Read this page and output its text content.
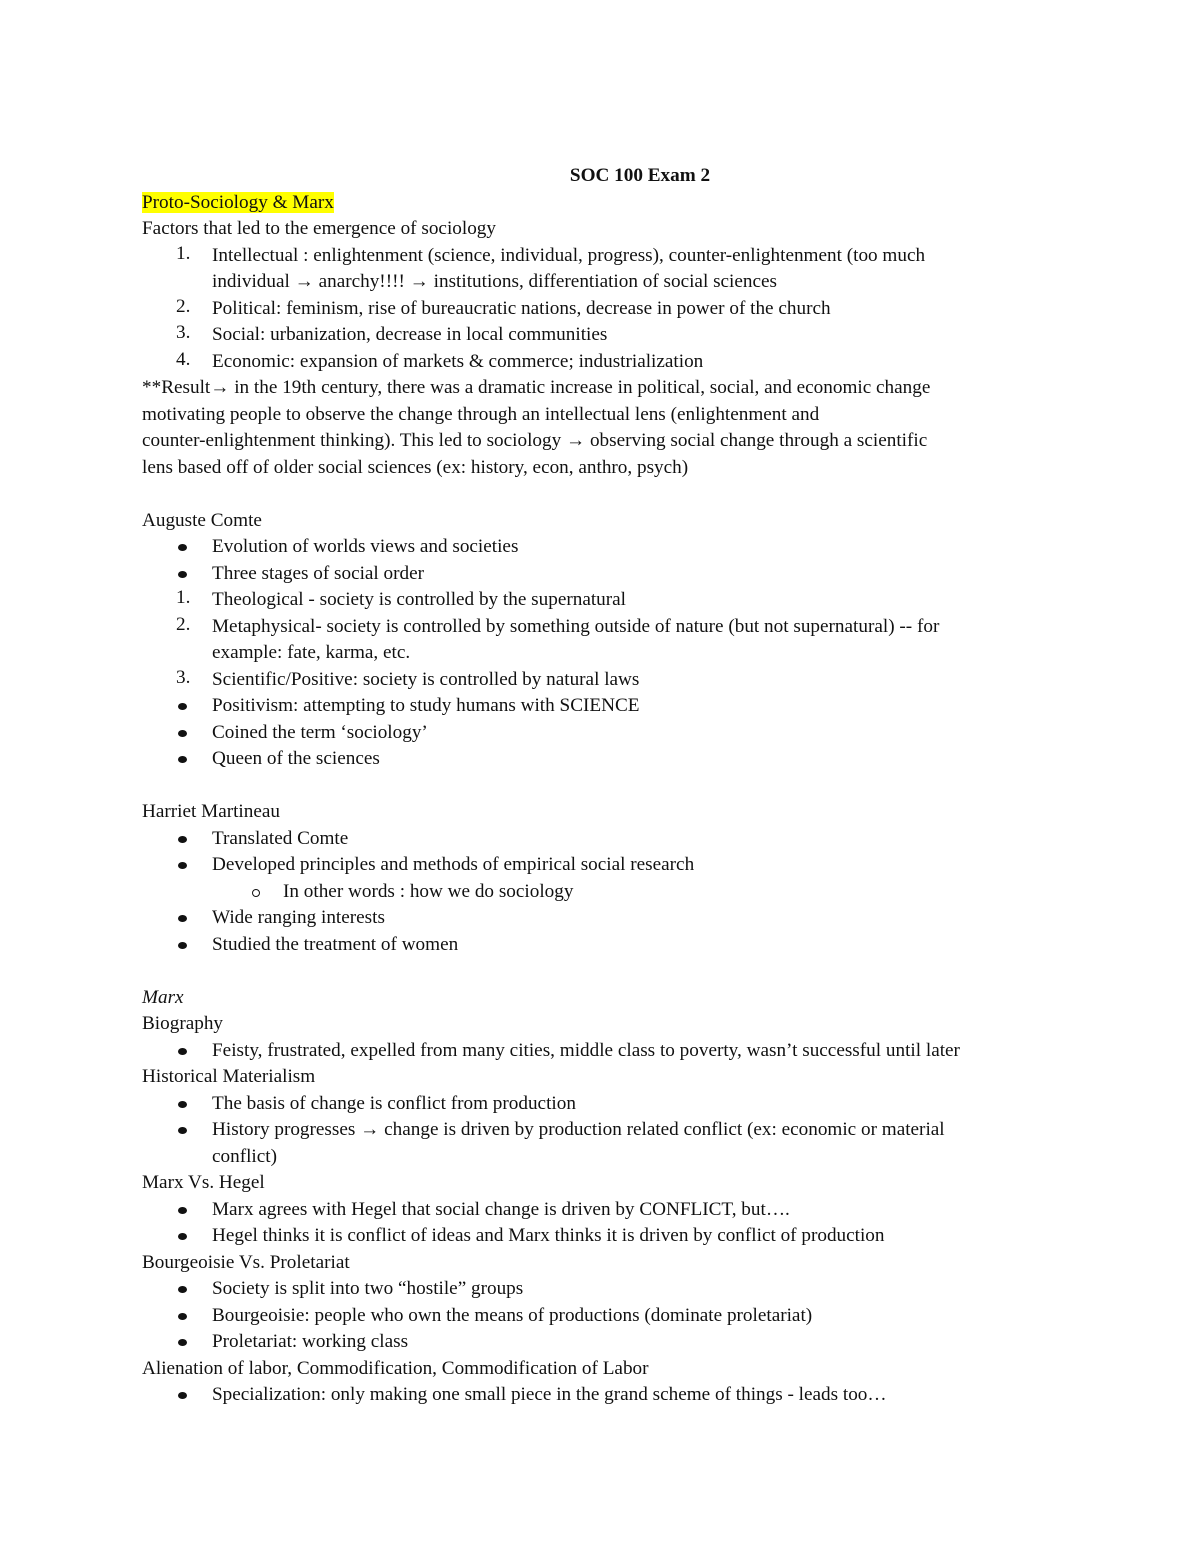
SOC 100 Exam 2
Proto-Sociology & Marx
Factors that led to the emergence of sociology
1. Intellectual : enlightenment (science, individual, progress), counter-enlightenment (too much
individual → anarchy!!!! → institutions, differentiation of social sciences
2. Political: feminism, rise of bureaucratic nations, decrease in power of the church
3. Social: urbanization, decrease in local communities
4. Economic: expansion of markets & commerce; industrialization
**Result→ in the 19th century, there was a dramatic increase in political, social, and economic change
motivating people to observe the change through an intellectual lens (enlightenment and
counter-enlightenment thinking). This led to sociology → observing social change through a scientific
lens based off of older social sciences (ex: history, econ, anthro, psych)
Auguste Comte
Evolution of worlds views and societies
Three stages of social order
1. Theological - society is controlled by the supernatural
2. Metaphysical- society is controlled by something outside of nature (but not supernatural) -- for
example: fate, karma, etc.
3. Scientific/Positive: society is controlled by natural laws
Positivism: attempting to study humans with SCIENCE
Coined the term ‘sociology’
Queen of the sciences
Harriet Martineau
Translated Comte
Developed principles and methods of empirical social research
In other words : how we do sociology
Wide ranging interests
Studied the treatment of women
Marx
Biography
Feisty, frustrated, expelled from many cities, middle class to poverty, wasn’t successful until later
Historical Materialism
The basis of change is conflict from production
History progresses → change is driven by production related conflict (ex: economic or material
conflict)
Marx Vs. Hegel
Marx agrees with Hegel that social change is driven by CONFLICT, but….
Hegel thinks it is conflict of ideas and Marx thinks it is driven by conflict of production
Bourgeoisie Vs. Proletariat
Society is split into two “hostile” groups
Bourgeoisie: people who own the means of productions (dominate proletariat)
Proletariat: working class
Alienation of labor, Commodification, Commodification of Labor
Specialization: only making one small piece in the grand scheme of things - leads too…
